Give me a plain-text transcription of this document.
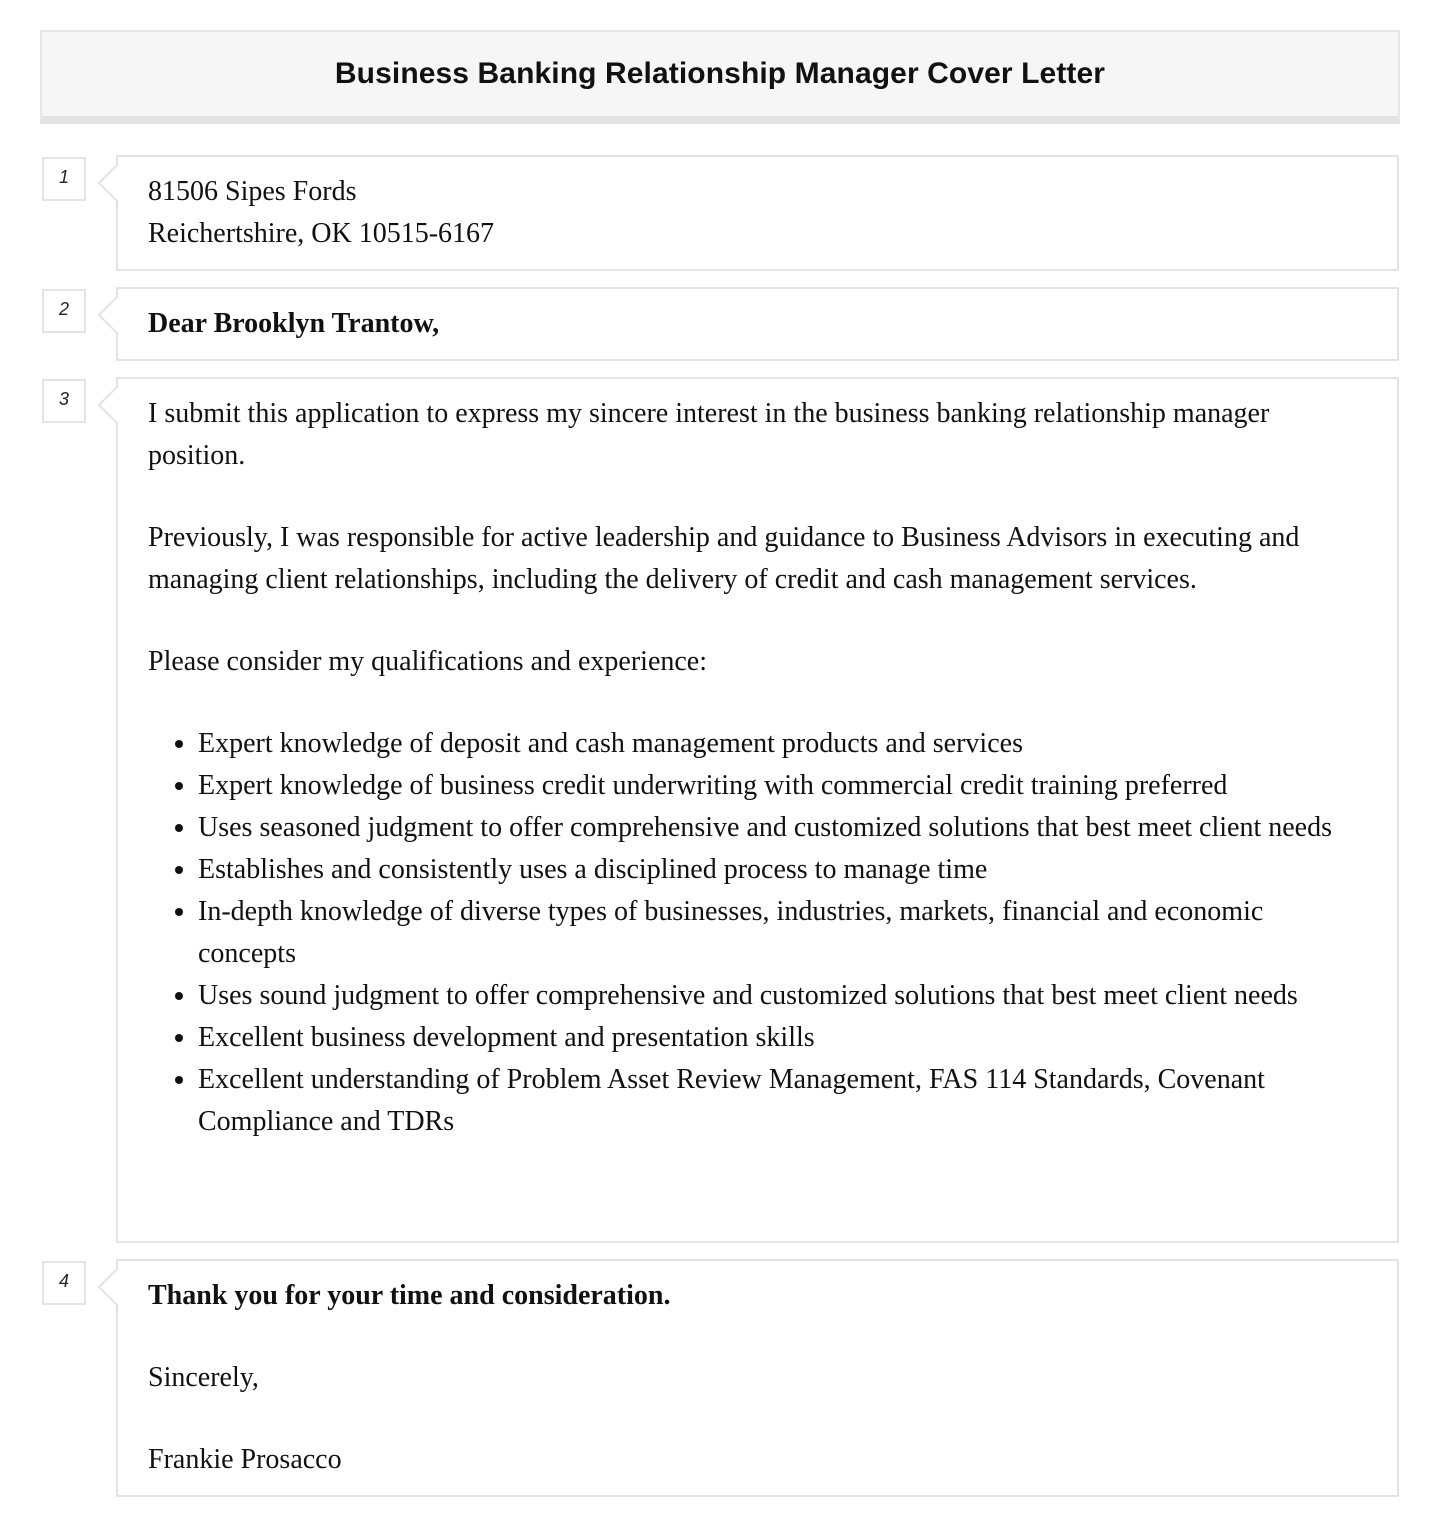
Business Banking Relationship Manager Cover Letter
1	81506 Sipes Fords

Reichertshire, OK 10515-6167

2	Dear Brooklyn Trantow,

3	I submit this application to express my sincere interest in the business banking relationship manager position.

Previously, I was responsible for active leadership and guidance to Business Advisors in executing and managing client relationships, including the delivery of credit and cash management services.

Please consider my qualifications and experience:

• Expert knowledge of deposit and cash management products and services
• Expert knowledge of business credit underwriting with commercial credit training preferred
• Uses seasoned judgment to offer comprehensive and customized solutions that best meet client needs
• Establishes and consistently uses a disciplined process to manage time
• In-depth knowledge of diverse types of businesses, industries, markets, financial and economic concepts
• Uses sound judgment to offer comprehensive and customized solutions that best meet client needs
• Excellent business development and presentation skills
• Excellent understanding of Problem Asset Review Management, FAS 114 Standards, Covenant Compliance and TDRs
4	Thank you for your time and consideration.

Sincerely,

Frankie Prosacco
